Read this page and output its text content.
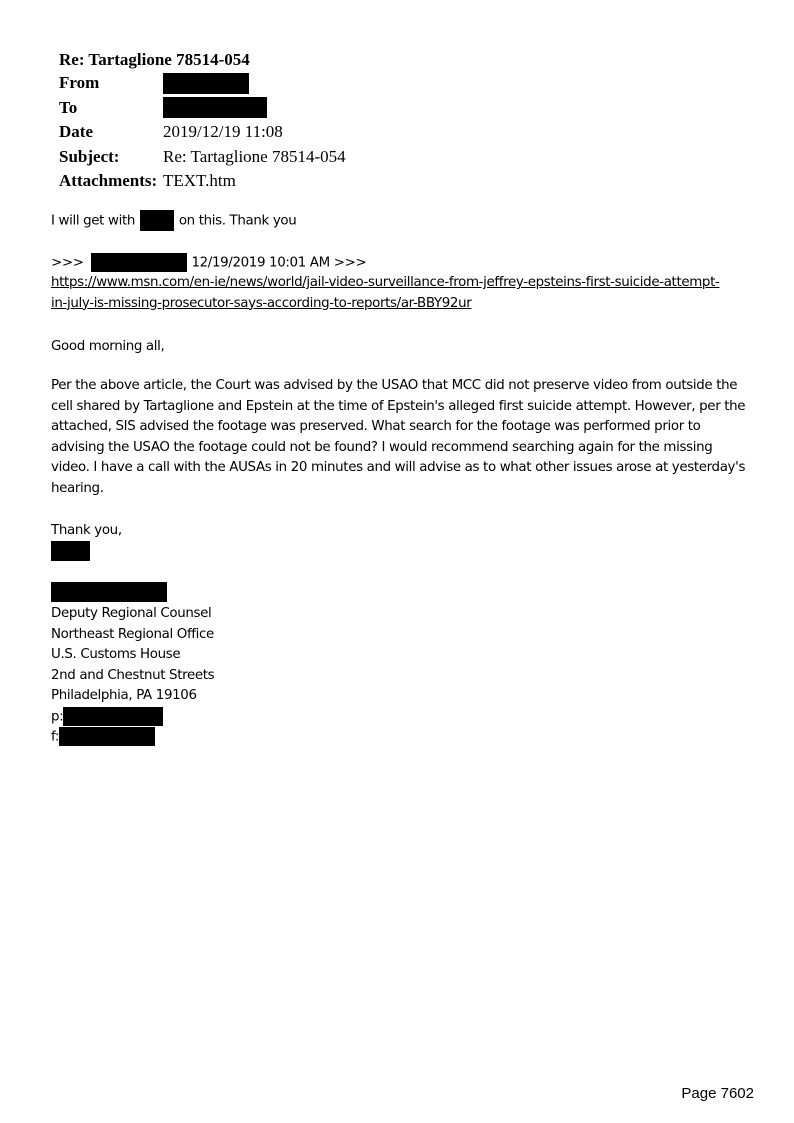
Re: Tartaglione 78514-054
From
To
Date	2019/12/19 11:08
Subject:	Re: Tartaglione 78514-054
Attachments: TEXT.htm
I will get with	on this. Thank you
>>>	12/19/2019 10:01 AM >>>
https://www.msn.com/en-ie/news/world/jail-video-surveillance-from-jeffrey-epsteins-first-suicide-attempt-
in-july-is-missing-prosecutor-says-according-to-reports/ar-BBY92ur
Good morning all,
Per the above article, the Court was advised by the USAO that MCC did not preserve video from outside the
cell shared by Tartaglione and Epstein at the time of Epstein's alleged first suicide attempt. However, per the
attached, SIS advised the footage was preserved. What search for the footage was performed prior to
advising the USAO the footage could not be found? I would recommend searching again for the missing
video. I have a call with the AUSAs in 20 minutes and will advise as to what other issues arose at yesterday's
hearing.
Thank you,
Deputy Regional Counsel
Northeast Regional Office
U.S. Customs House
2nd and Chestnut Streets
Philadelphia, PA 19106
p:
f:
Page 7602
